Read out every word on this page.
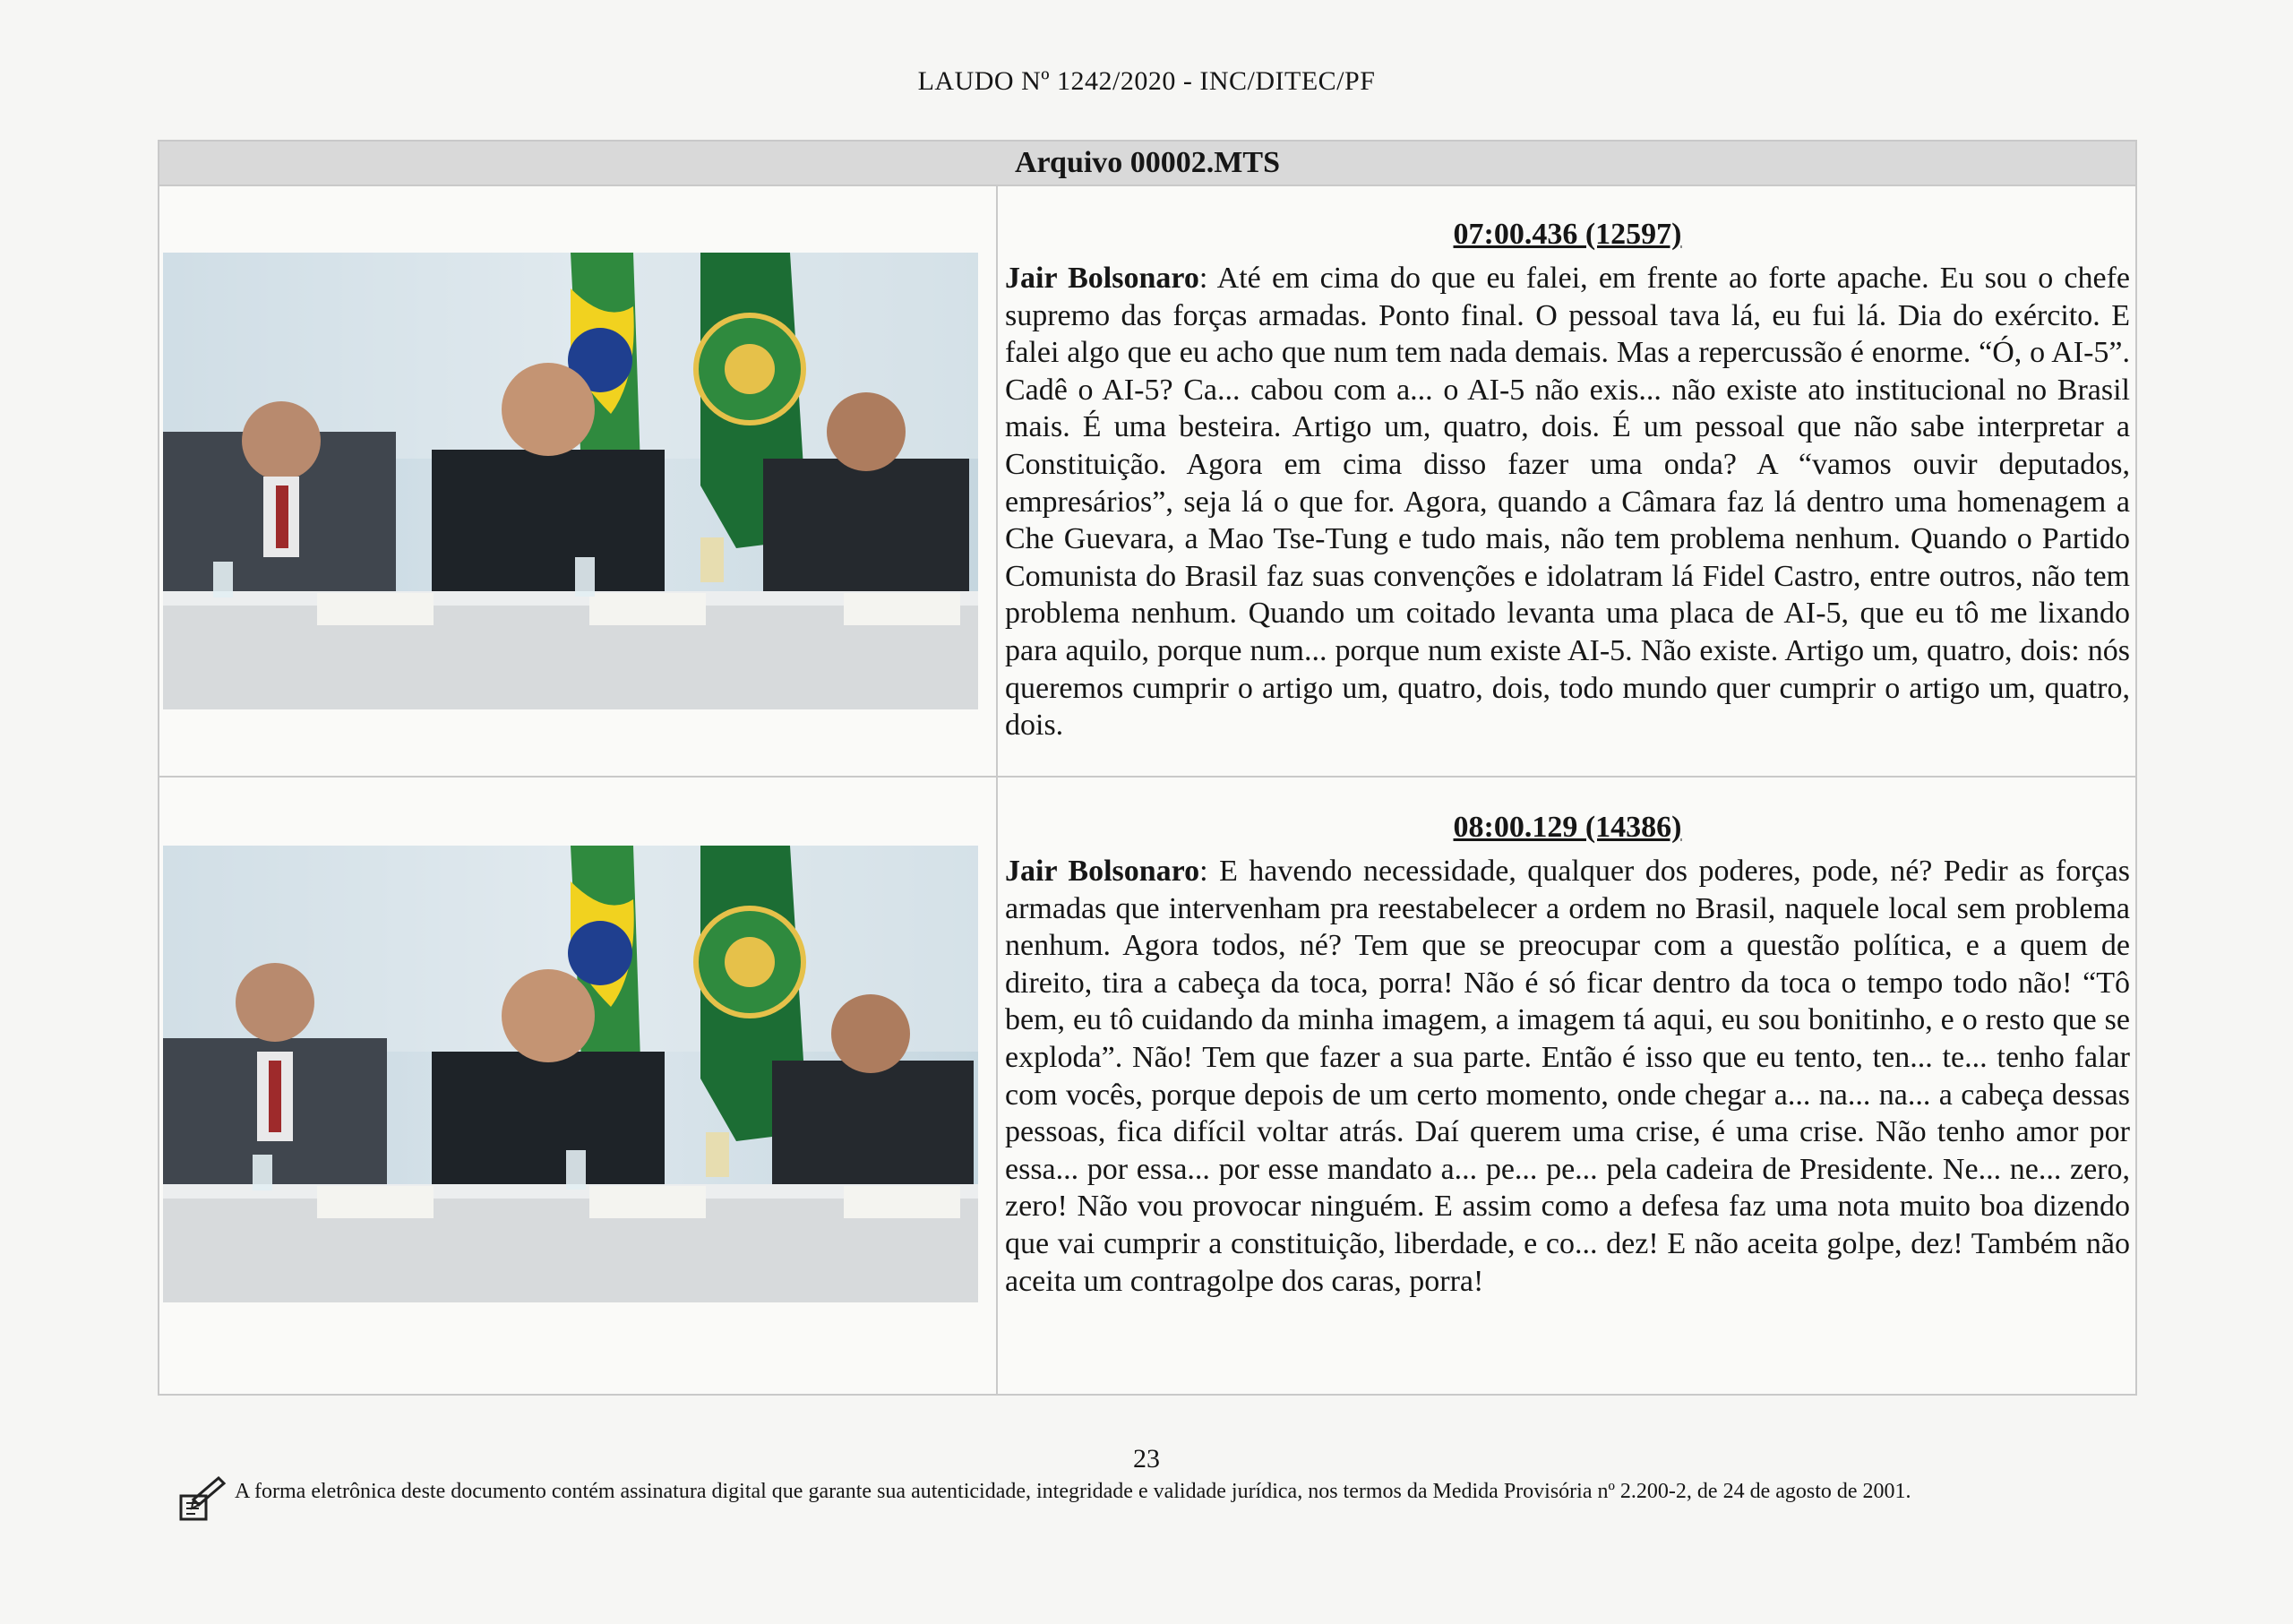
LAUDO Nº 1242/2020 - INC/DITEC/PF
Arquivo 00002.MTS
07:00.436 (12597)

Jair Bolsonaro: Até em cima do que eu falei, em frente ao forte apache. Eu sou o chefe supremo das forças armadas. Ponto final. O pessoal tava lá, eu fui lá. Dia do exército. E falei algo que eu acho que num tem nada demais. Mas a repercussão é enorme. “Ó, o AI-5”. Cadê o AI-5? Ca... cabou com a... o AI-5 não exis... não existe ato institucional no Brasil mais. É uma besteira. Artigo um, quatro, dois. É um pessoal que não sabe interpretar a Constituição. Agora em cima disso fazer uma onda? A “vamos ouvir deputados, empresários”, seja lá o que for. Agora, quando a Câmara faz lá dentro uma homenagem a Che Guevara, a Mao Tse-Tung e tudo mais, não tem problema nenhum. Quando o Partido Comunista do Brasil faz suas convenções e idolatram lá Fidel Castro, entre outros, não tem problema nenhum. Quando um coitado levanta uma placa de AI-5, que eu tô me lixando para aquilo, porque num... porque num existe AI-5. Não existe. Artigo um, quatro, dois: nós queremos cumprir o artigo um, quatro, dois, todo mundo quer cumprir o artigo um, quatro, dois.

08:00.129 (14386)

Jair Bolsonaro: E havendo necessidade, qualquer dos poderes, pode, né? Pedir as forças armadas que intervenham pra reestabelecer a ordem no Brasil, naquele local sem problema nenhum. Agora todos, né? Tem que se preocupar com a questão política, e a quem de direito, tira a cabeça da toca, porra! Não é só ficar dentro da toca o tempo todo não! “Tô bem, eu tô cuidando da minha imagem, a imagem tá aqui, eu sou bonitinho, e o resto que se exploda”. Não! Tem que fazer a sua parte. Então é isso que eu tento, ten... te... tenho falar com vocês, porque depois de um certo momento, onde chegar a... na... na... a cabeça dessas pessoas, fica difícil voltar atrás. Daí querem uma crise, é uma crise. Não tenho amor por essa... por essa... por esse mandato a... pe... pe... pela cadeira de Presidente. Ne... ne... zero, zero! Não vou provocar ninguém. E assim como a defesa faz uma nota muito boa dizendo que vai cumprir a constituição, liberdade, e co... dez! E não aceita golpe, dez! Também não aceita um contragolpe dos caras, porra!

23
A forma eletrônica deste documento contém assinatura digital que garante sua autenticidade, integridade e validade jurídica, nos termos da Medida Provisória nº 2.200-2, de 24 de agosto de 2001.
